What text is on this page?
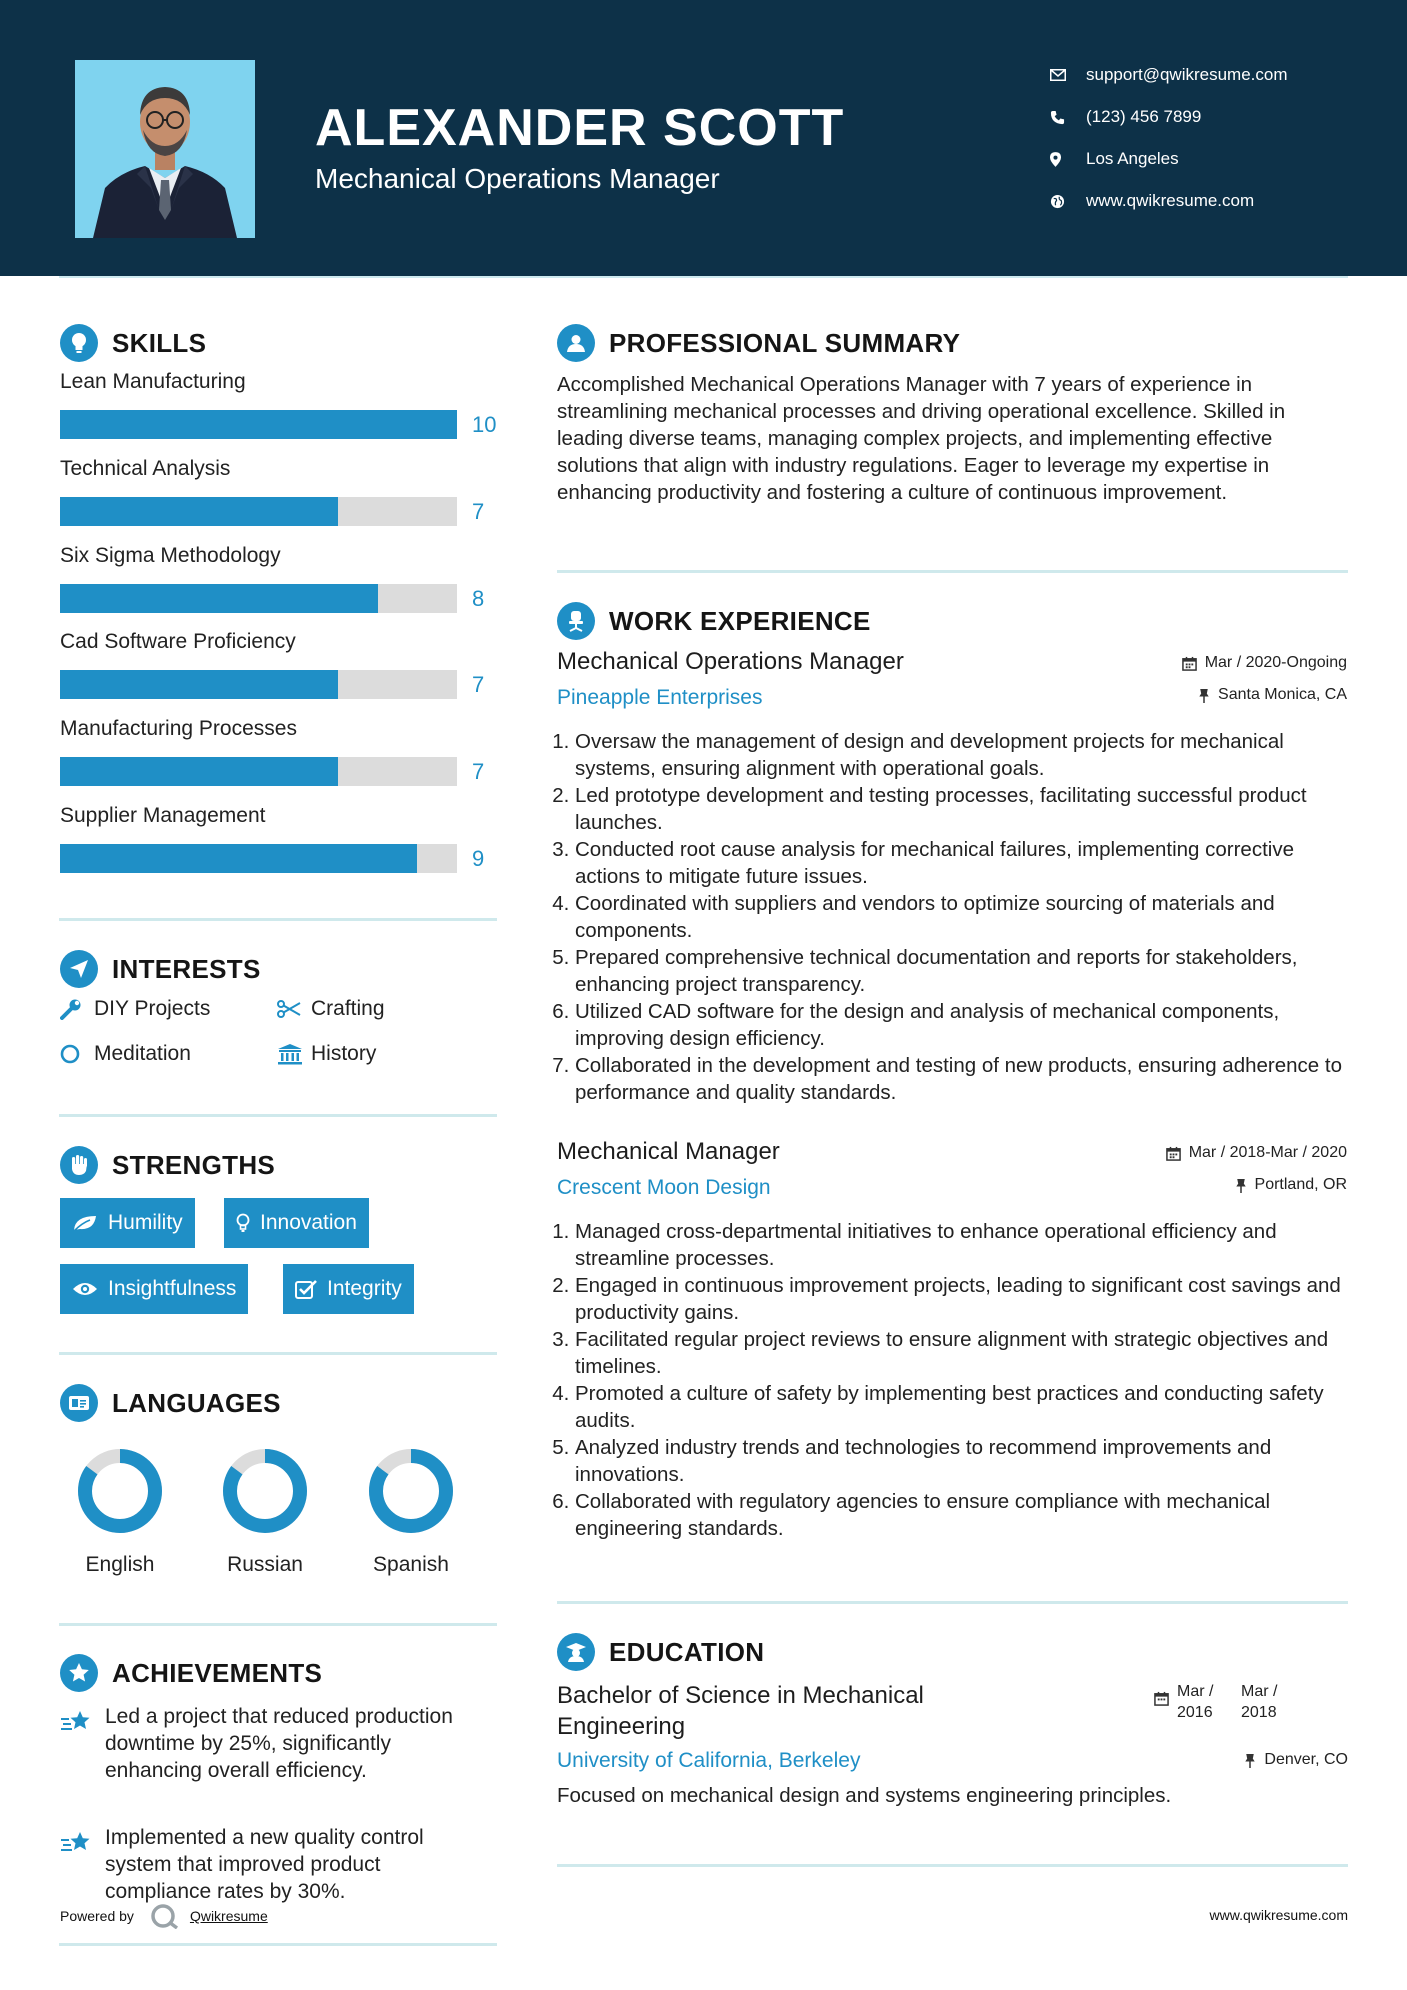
ALEXANDER SCOTT
Mechanical Operations Manager
support@qwikresume.com
(123) 456 7899
Los Angeles
www.qwikresume.com
SKILLS
Lean Manufacturing
10
Technical Analysis
7
Six Sigma Methodology
8
Cad Software Proficiency
7
Manufacturing Processes
7
Supplier Management
9
INTERESTS
DIY Projects	Crafting
Meditation	History
STRENGTHS
Humility	Innovation
Insightfulness	Integrity
LANGUAGES
English	Russian	Spanish
ACHIEVEMENTS
Led a project that reduced production downtime by 25%, significantly enhancing overall efficiency.
Implemented a new quality control system that improved product compliance rates by 30%.
PROFESSIONAL SUMMARY
Accomplished Mechanical Operations Manager with 7 years of experience in streamlining mechanical processes and driving operational excellence. Skilled in leading diverse teams, managing complex projects, and implementing effective solutions that align with industry regulations. Eager to leverage my expertise in enhancing productivity and fostering a culture of continuous improvement.
WORK EXPERIENCE
Mechanical Operations Manager
Pineapple Enterprises
Mar / 2020-Ongoing
Santa Monica, CA
1. Oversaw the management of design and development projects for mechanical systems, ensuring alignment with operational goals.
2. Led prototype development and testing processes, facilitating successful product launches.
3. Conducted root cause analysis for mechanical failures, implementing corrective actions to mitigate future issues.
4. Coordinated with suppliers and vendors to optimize sourcing of materials and components.
5. Prepared comprehensive technical documentation and reports for stakeholders, enhancing project transparency.
6. Utilized CAD software for the design and analysis of mechanical components, improving design efficiency.
7. Collaborated in the development and testing of new products, ensuring adherence to performance and quality standards.
Mechanical Manager
Crescent Moon Design
Mar / 2018-Mar / 2020
Portland, OR
1. Managed cross-departmental initiatives to enhance operational efficiency and streamline processes.
2. Engaged in continuous improvement projects, leading to significant cost savings and productivity gains.
3. Facilitated regular project reviews to ensure alignment with strategic objectives and timelines.
4. Promoted a culture of safety by implementing best practices and conducting safety audits.
5. Analyzed industry trends and technologies to recommend improvements and innovations.
6. Collaborated with regulatory agencies to ensure compliance with mechanical engineering standards.
EDUCATION
Bachelor of Science in Mechanical Engineering
University of California, Berkeley
Mar /
2016
Mar /
2018
Denver, CO
Focused on mechanical design and systems engineering principles.
Powered by	Qwikresume	www.qwikresume.com
